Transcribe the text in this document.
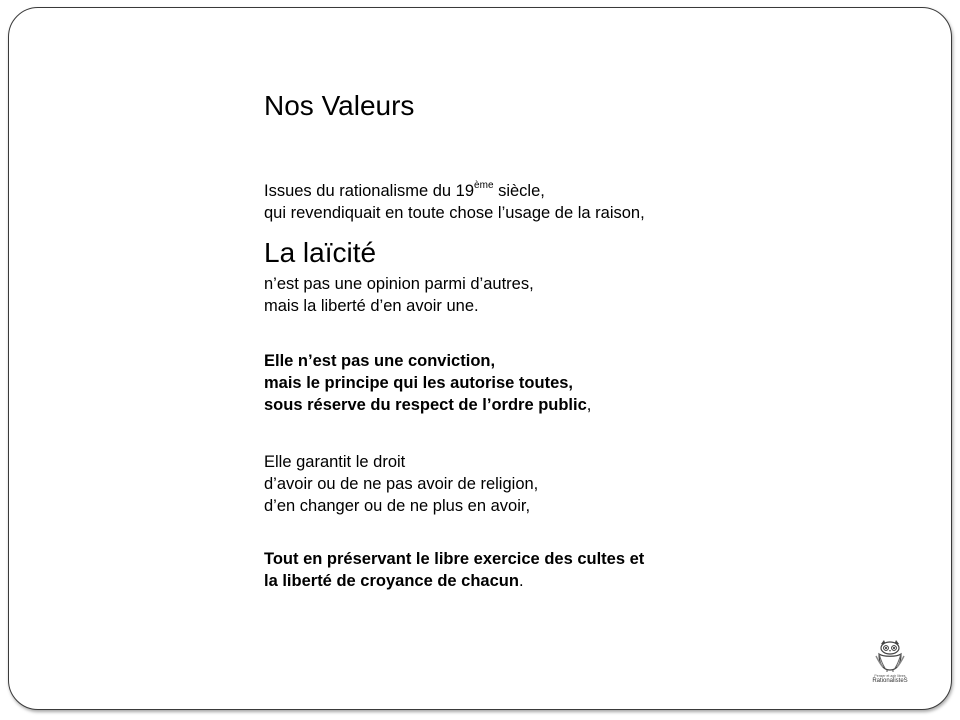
Nos Valeurs
Issues du rationalisme du 19ème siècle,
qui revendiquait en toute chose l’usage de la raison,
La laïcité
n’est pas une opinion parmi d’autres,
mais la liberté d’en avoir une.
Elle n’est pas une conviction,
mais le principe qui les autorise toutes,
sous réserve du respect de l’ordre public,
Elle garantit le droit
d’avoir ou de ne pas avoir de religion,
d’en changer ou de ne plus en avoir,
Tout en préservant le libre exercice des cultes et
la liberté de croyance de chacun.
Penser et agir libres
RationalisteS
